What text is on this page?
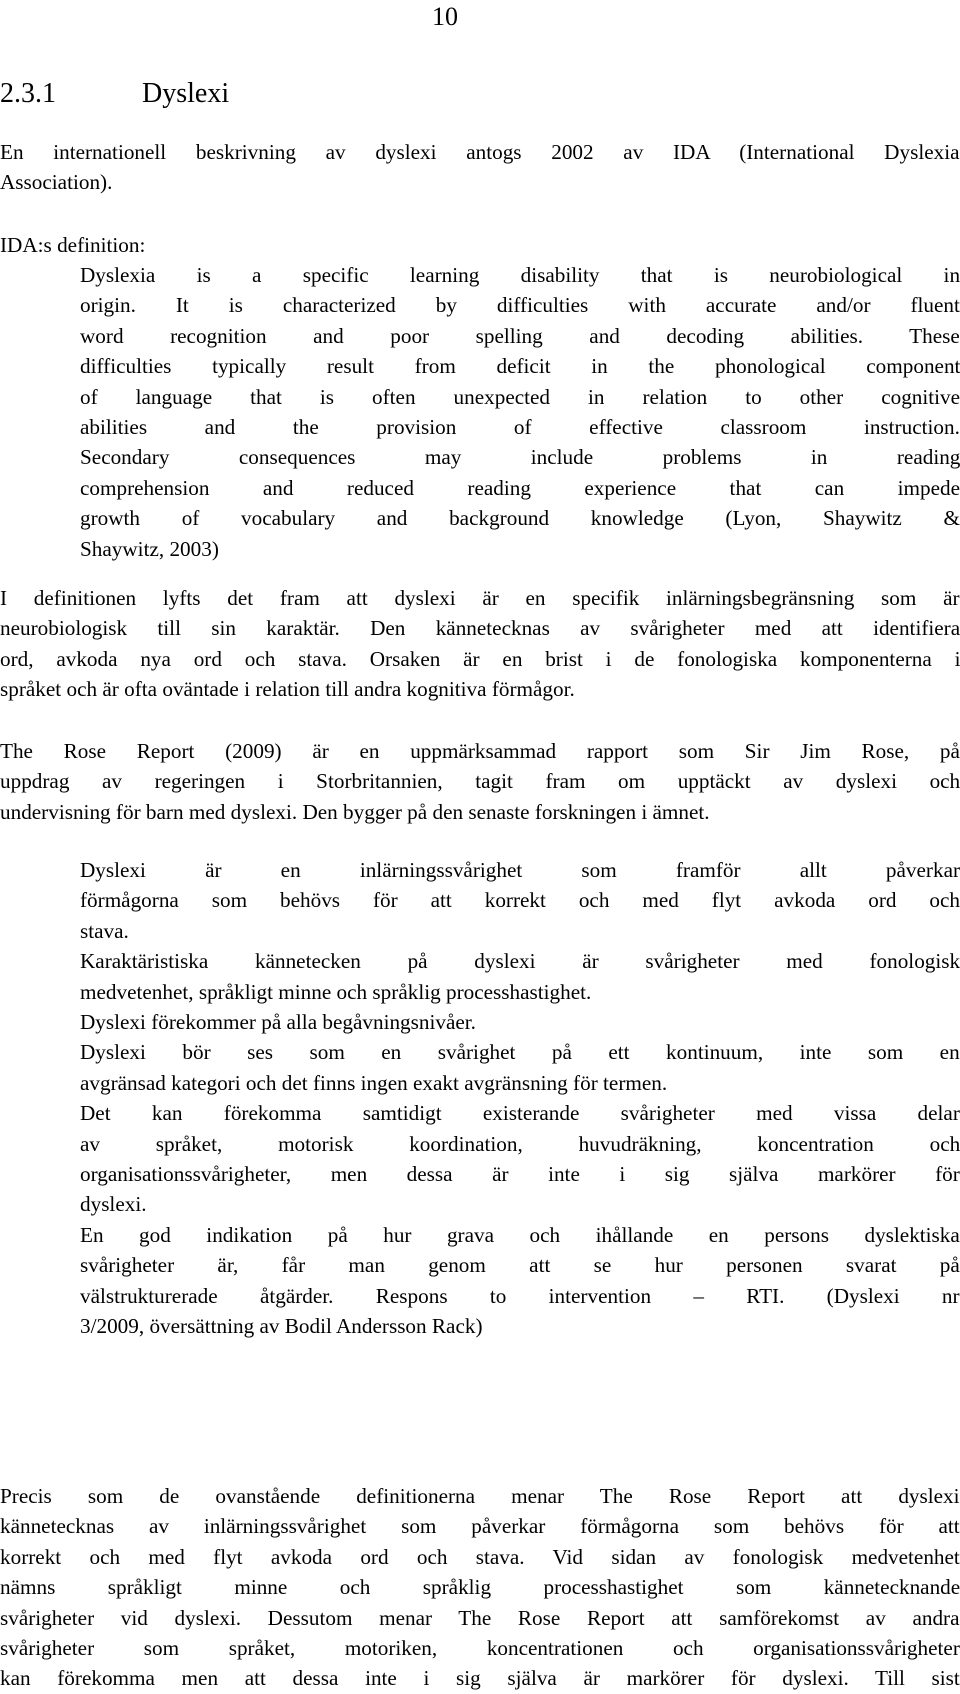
10
2.3.1	Dyslexi
En internationell beskrivning av dyslexi antogs 2002 av IDA (International Dyslexia
Association).
IDA:s definition:
Dyslexia is a specific learning disability that is neurobiological in
origin. It is characterized by difficulties with accurate and/or fluent
word recognition and poor spelling and decoding abilities. These
difficulties typically result from deficit in the phonological component
of language that is often unexpected in relation to other cognitive
abilities and the provision of effective classroom instruction.
Secondary consequences may include problems in reading
comprehension and reduced reading experience that can impede
growth of vocabulary and background knowledge (Lyon, Shaywitz &
Shaywitz, 2003)
I definitionen lyfts det fram att dyslexi är en specifik inlärningsbegränsning som är
neurobiologisk till sin karaktär. Den kännetecknas av svårigheter med att identifiera
ord, avkoda nya ord och stava. Orsaken är en brist i de fonologiska komponenterna i
språket och är ofta oväntade i relation till andra kognitiva förmågor.
The Rose Report (2009) är en uppmärksammad rapport som Sir Jim Rose, på
uppdrag av regeringen i Storbritannien, tagit fram om upptäckt av dyslexi och
undervisning för barn med dyslexi. Den bygger på den senaste forskningen i ämnet.
Dyslexi är en inlärningssvårighet som framför allt påverkar
förmågorna som behövs för att korrekt och med flyt avkoda ord och
stava.
Karaktäristiska kännetecken på dyslexi är svårigheter med fonologisk
medvetenhet, språkligt minne och språklig processhastighet.
Dyslexi förekommer på alla begåvningsnivåer.
Dyslexi bör ses som en svårighet på ett kontinuum, inte som en
avgränsad kategori och det finns ingen exakt avgränsning för termen.
Det kan förekomma samtidigt existerande svårigheter med vissa delar
av språket, motorisk koordination, huvudräkning, koncentration och
organisationssvårigheter, men dessa är inte i sig själva markörer för
dyslexi.
En god indikation på hur grava och ihållande en persons dyslektiska
svårigheter är, får man genom att se hur personen svarat på
välstrukturerade åtgärder. Respons to intervention – RTI. (Dyslexi nr
3/2009, översättning av Bodil Andersson Rack)
Precis som de ovanstående definitionerna menar The Rose Report att dyslexi
kännetecknas av inlärningssvårighet som påverkar förmågorna som behövs för att
korrekt och med flyt avkoda ord och stava. Vid sidan av fonologisk medvetenhet
nämns språkligt minne och språklig processhastighet som kännetecknande
svårigheter vid dyslexi. Dessutom menar The Rose Report att samförekomst av andra
svårigheter som språket, motoriken, koncentrationen och organisationssvårigheter
kan förekomma men att dessa inte i sig själva är markörer för dyslexi. Till sist
